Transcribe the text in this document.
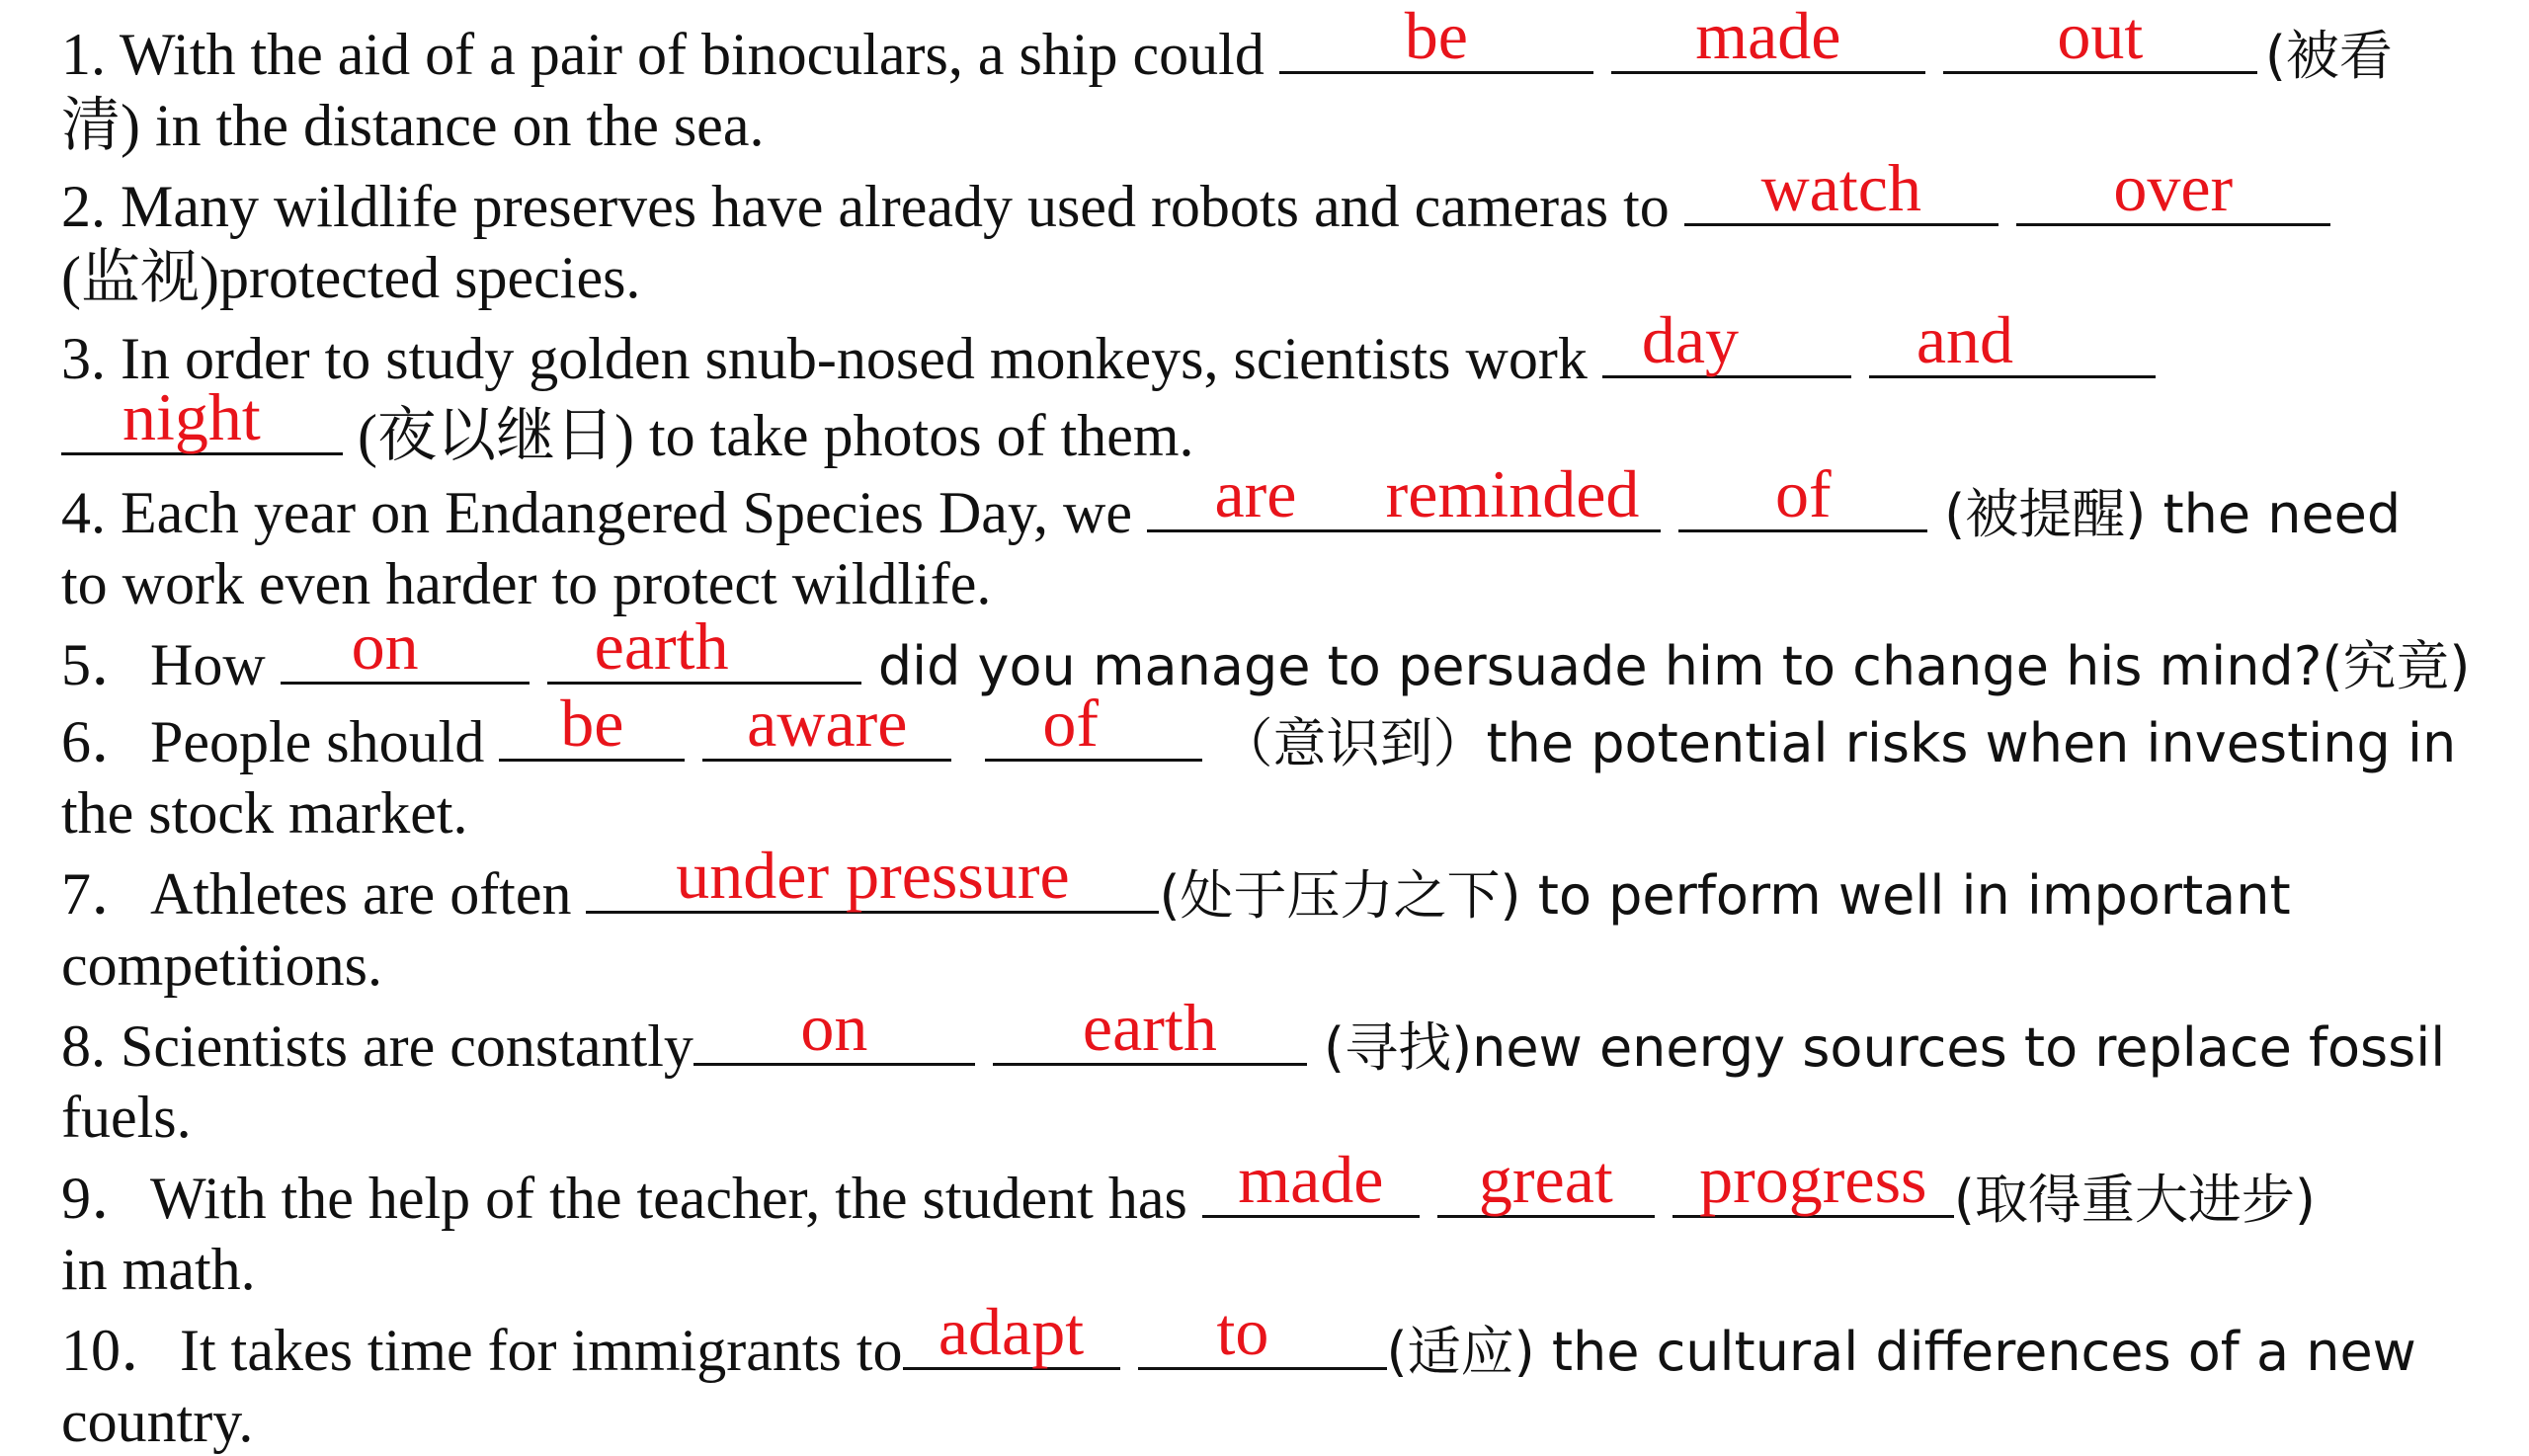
1. With the aid of a pair of binoculars, a ship could	be	made	out	(被看
清) in the distance on the sea.
2. Many wildlife preserves have already used robots and cameras to	watch	over
(监视)protected species.
3. In order to study golden snub-nosed monkeys, scientists work day	and
night	(夜以继日) to take photos of them.
4. Each year on Endangered Species Day, we	are	reminded	of	(被提醒) the need
to work even harder to protect wildlife.
5．How on	earth	did you manage to persuade him to change his mind?(究竟)
6．People should be	aware	of	（意识到）the potential risks when investing in
the stock market.
7．Athletes are often	under pressure	(处于压力之下) to perform well in important
competitions.
8. Scientists are constantly	on	earth	(寻找)new energy sources to replace fossil
fuels.
9．With the help of the teacher, the student has made	great	progress (取得重大进步)
in math.
10．It takes time for immigrants to adapt	to	(适应) the cultural differences of a new
country.
